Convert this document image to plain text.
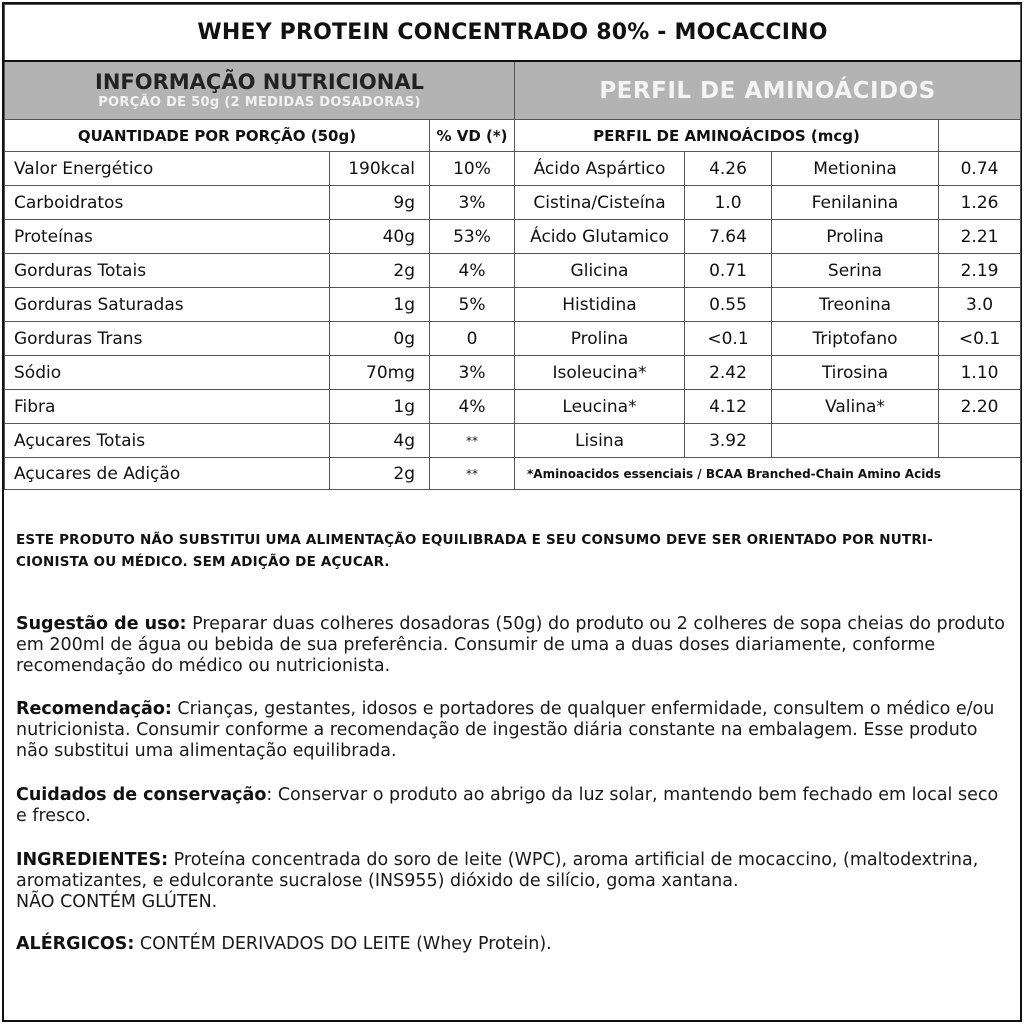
WHEY PROTEIN CONCENTRADO 80% - MOCACCINO						

INFORMAÇÃO NUTRICIONAL
PORÇÃO DE 50g (2 MEDIDAS DOSADORAS)			PERFIL DE AMINOÁCIDOS			
QUANTIDADE POR PORÇÃO (50g)		% VD (*)	PERFIL DE AMINOÁCIDOS (mcg)			
Valor Energético	190kcal	10%	Ácido Aspártico	4.26	Metionina	0.74
Carboidratos	9g	3%	Cistina/Cisteína	1.0	Fenilanina	1.26
Proteínas	40g	53%	Ácido Glutamico	7.64	Prolina	2.21
Gorduras Totais	2g	4%	Glicina	0.71	Serina	2.19
Gorduras Saturadas	1g	5%	Histidina	0.55	Treonina	3.0
Gorduras Trans	0g	0	Prolina	<0.1	Triptofano	<0.1
Sódio	70mg	3%	Isoleucina*	2.42	Tirosina	1.10
Fibra	1g	4%	Leucina*	4.12	Valina*	2.20
Açucares Totais	4g	**	Lisina	3.92		
Açucares de Adição	2g	**	*Aminoacidos essenciais / BCAA Branched-Chain Amino Acids			
ESTE PRODUTO NÃO SUBSTITUI UMA ALIMENTAÇÃO EQUILIBRADA E SEU CONSUMO DEVE SER ORIENTADO POR NUTRI-
CIONISTA OU MÉDICO. SEM ADIÇÃO DE AÇUCAR.
Sugestão de uso: Preparar duas colheres dosadoras (50g) do produto ou 2 colheres de sopa cheias do produto em 200ml de água ou bebida de sua preferência. Consumir de uma a duas doses diariamente, conforme recomendação do médico ou nutricionista.
Recomendação: Crianças, gestantes, idosos e portadores de qualquer enfermidade, consultem o médico e/ou nutricionista. Consumir conforme a recomendação de ingestão diária constante na embalagem. Esse produto não substitui uma alimentação equilibrada.
Cuidados de conservação: Conservar o produto ao abrigo da luz solar, mantendo bem fechado em local seco e fresco.
INGREDIENTES: Proteína concentrada do soro de leite (WPC), aroma artificial de mocaccino, (maltodextrina, aromatizantes, e edulcorante sucralose (INS955) dióxido de silício, goma xantana.
NÃO CONTÉM GLÚTEN.
ALÉRGICOS: CONTÉM DERIVADOS DO LEITE (Whey Protein).
